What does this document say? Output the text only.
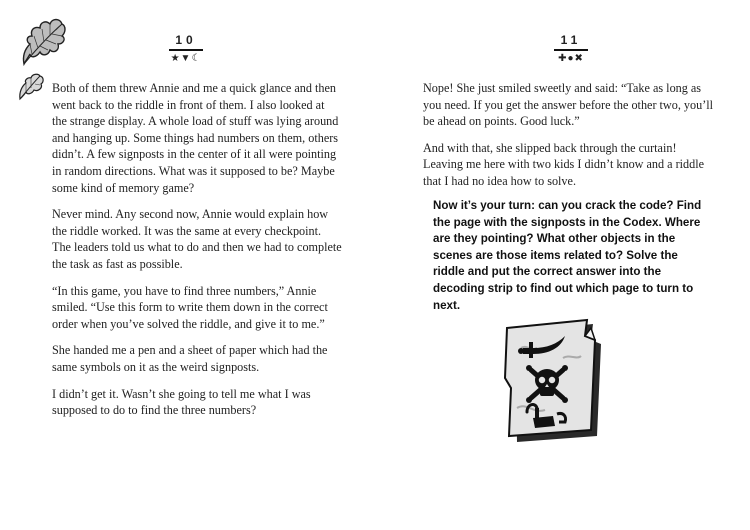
10
★▼☾

Both of them threw Annie and me a quick glance and then went back to the riddle in front of them. I also looked at the strange display. A whole load of stuff was lying around and hanging up. Some things had numbers on them, others didn’t. A few signposts in the center of it all were pointing in random directions. What was it supposed to be? Maybe some kind of memory game?

Never mind. Any second now, Annie would explain how the riddle worked. It was the same at every checkpoint. The leaders told us what to do and then we had to complete the task as fast as possible.

“In this game, you have to find three numbers,” Annie smiled. “Use this form to write them down in the correct order when you’ve solved the riddle, and give it to me.”

She handed me a pen and a sheet of paper which had the same symbols on it as the weird signposts.

I didn’t get it. Wasn’t she going to tell me what I was supposed to do to find the three numbers?

11
✚●✖

Nope! She just smiled sweetly and said: “Take as long as you need. If you get the answer before the other two, you’ll be ahead on points. Good luck.”

And with that, she slipped back through the curtain! Leaving me here with two kids I didn’t know and a riddle that I had no idea how to solve.

Now it’s your turn: can you crack the code? Find the page with the signposts in the Codex. Where are they pointing? What other objects in the scenes are those items related to? Solve the riddle and put the correct answer into the decoding strip to find out which page to turn to next.
